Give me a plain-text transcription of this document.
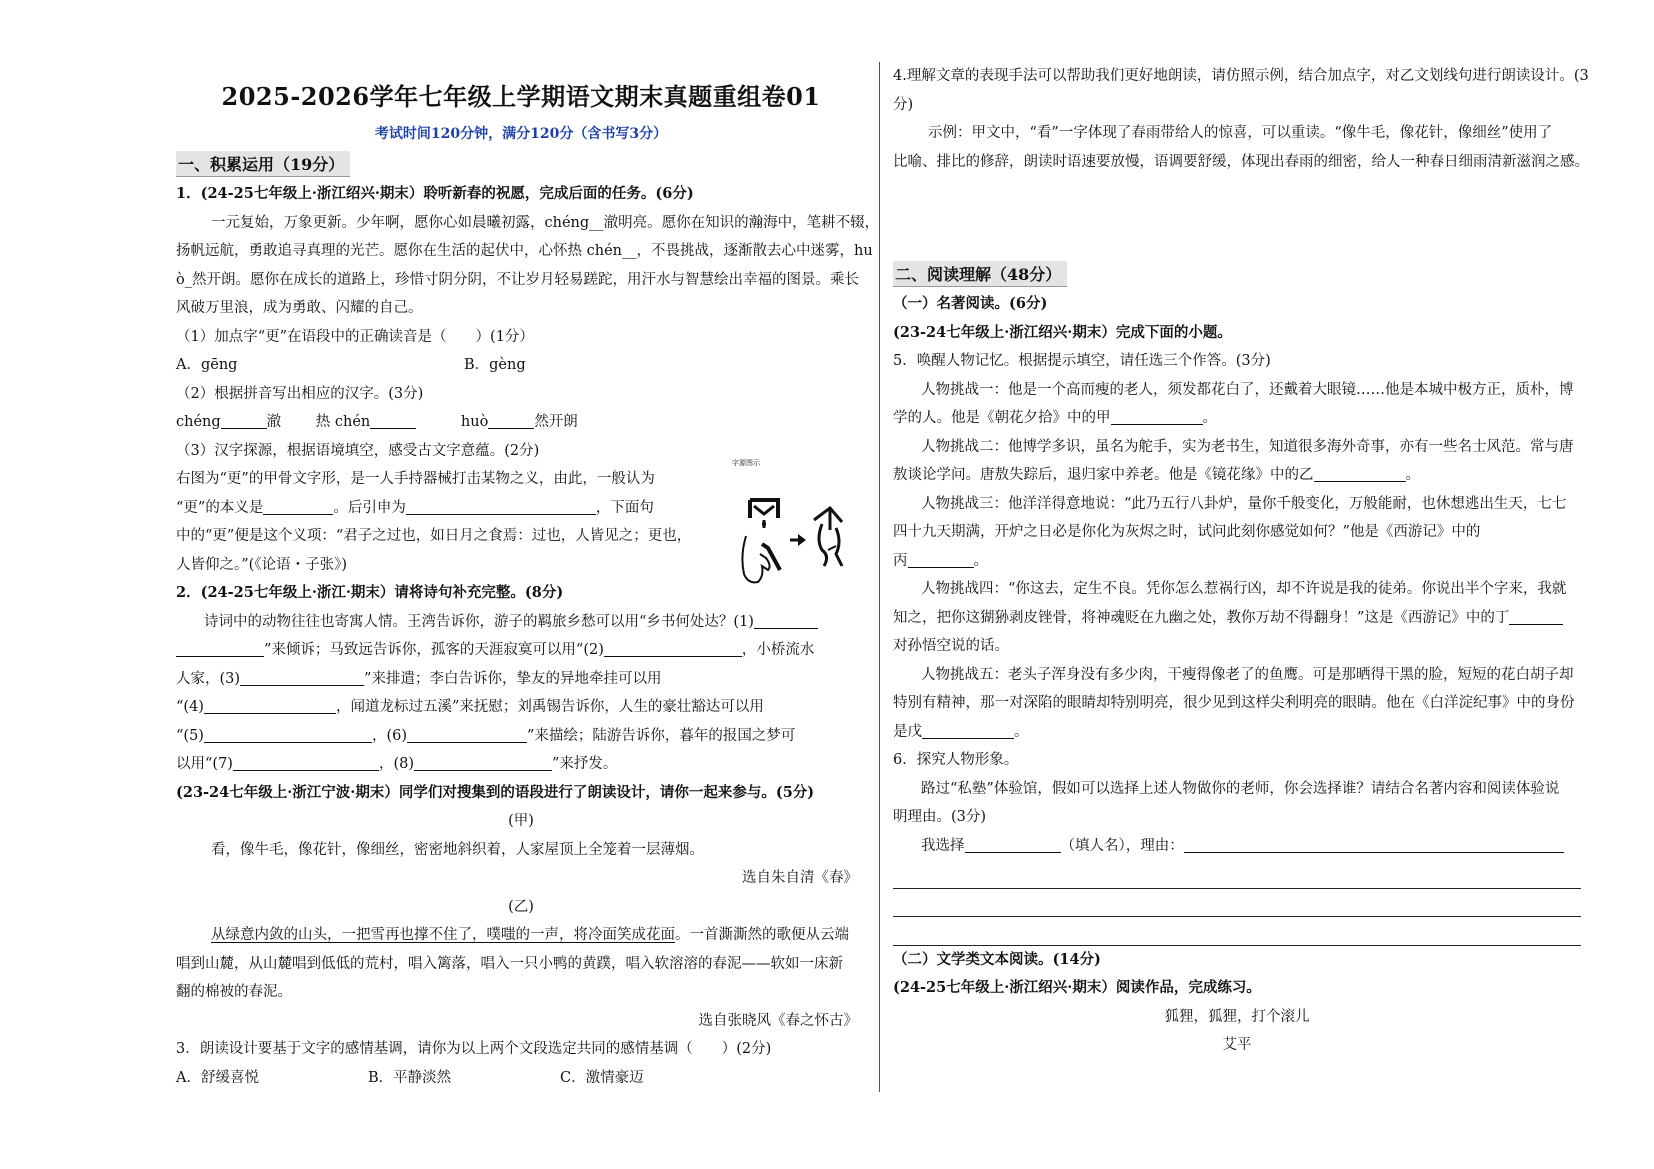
2025-2026学年七年级上学期语文期末真题重组卷01
考试时间120分钟，满分120分（含书写3分）
一、积累运用（19分）
1．(24-25七年级上·浙江绍兴·期末）聆听新春的祝愿，完成后面的任务。(6分)
一元复始，万象更新。少年啊，愿你心如晨曦初露，chéng__澈明亮。愿你在知识的瀚海中，笔耕不辍，
扬帆远航，勇敢追寻真理的光芒。愿你在生活的起伏中，心怀热 chén__，不畏挑战，逐渐散去心中迷雾，hu
ò_然开朗。愿你在成长的道路上，珍惜寸阴分阴，不让岁月轻易蹉跎，用汗水与智慧绘出幸福的图景。乘长
风破万里浪，成为勇敢、闪耀的自己。
（1）加点字“更”在语段中的正确读音是（　　）(1分）
A．gēng	B．gèng
（2）根据拼音写出相应的汉字。(3分)
chéng	澈 热 chén	huò	然开朗
（3）汉字探源，根据语境填空，感受古文字意蕴。(2分)
右图为“更”的甲骨文字形，是一人手持器械打击某物之义，由此，一般认为
“更”的本义是	。后引申为	，下面句
中的“更”便是这个义项：“君子之过也，如日月之食焉：过也，人皆见之；更也，
人皆仰之。”(《论语・子张》)
字源图示
2．(24-25七年级上·浙江·期末）请将诗句补充完整。(8分)
诗词中的动物往往也寄寓人情。王湾告诉你，游子的羁旅乡愁可以用“乡书何处达？(1)
”来倾诉；马致远告诉你，孤客的天涯寂寞可以用“(2)	，小桥流水
人家，(3)	”来排遣；李白告诉你，挚友的异地牵挂可以用
“(4)	，闻道龙标过五溪”来抚慰；刘禹锡告诉你，人生的豪壮豁达可以用
“(5)	，(6)	”来描绘；陆游告诉你，暮年的报国之梦可
以用“(7)	，(8)	”来抒发。
(23-24七年级上·浙江宁波·期末）同学们对搜集到的语段进行了朗读设计，请你一起来参与。(5分)
(甲)
看，像牛毛，像花针，像细丝，密密地斜织着，人家屋顶上全笼着一层薄烟。
选自朱自清《春》
(乙)
从绿意内敛的山头，一把雪再也撑不住了，噗嗤的一声，将冷面笑成花面。一首澌澌然的歌便从云端
唱到山麓，从山麓唱到低低的荒村，唱入篱落，唱入一只小鸭的黄蹼，唱入软溶溶的春泥——软如一床新
翻的棉被的春泥。
选自张晓风《春之怀古》
3．朗读设计要基于文字的感情基调，请你为以上两个文段选定共同的感情基调（　　）(2分)
A．舒缓喜悦	B．平静淡然	C．激情豪迈
4.理解文章的表现手法可以帮助我们更好地朗读，请仿照示例，结合加点字，对乙文划线句进行朗读设计。(3
分)
示例：甲文中，“看”一字体现了春雨带给人的惊喜，可以重读。“像牛毛，像花针，像细丝”使用了
比喻、排比的修辞，朗读时语速要放慢，语调要舒缓，体现出春雨的细密，给人一种春日细雨清新滋润之感。
二、阅读理解（48分）
（一）名著阅读。(6分)
(23-24七年级上·浙江绍兴·期末）完成下面的小题。
5．唤醒人物记忆。根据提示填空，请任选三个作答。(3分)
人物挑战一：他是一个高而瘦的老人，须发都花白了，还戴着大眼镜……他是本城中极方正，质朴，博
学的人。他是《朝花夕拾》中的甲	。
人物挑战二：他博学多识，虽名为舵手，实为老书生，知道很多海外奇事，亦有一些名士风范。常与唐
敖谈论学问。唐敖失踪后，退归家中养老。他是《镜花缘》中的乙	。
人物挑战三：他洋洋得意地说：“此乃五行八卦炉，量你千般变化，万般能耐，也休想逃出生天，七七
四十九天期满，开炉之日必是你化为灰烬之时，试问此刻你感觉如何？”他是《西游记》中的
丙	。
人物挑战四：“你这去，定生不良。凭你怎么惹祸行凶，却不许说是我的徒弟。你说出半个字来，我就
知之，把你这猢狲剥皮锉骨，将神魂贬在九幽之处，教你万劫不得翻身！”这是《西游记》中的丁
对孙悟空说的话。
人物挑战五：老头子浑身没有多少肉，干瘦得像老了的鱼鹰。可是那晒得干黑的脸，短短的花白胡子却
特别有精神，那一对深陷的眼睛却特别明亮，很少见到这样尖利明亮的眼睛。他在《白洋淀纪事》中的身份
是戊	。
6．探究人物形象。
路过“私塾”体验馆，假如可以选择上述人物做你的老师，你会选择谁？请结合名著内容和阅读体验说
明理由。(3分)
我选择	（填人名），理由：
（二）文学类文本阅读。(14分)
(24-25七年级上·浙江绍兴·期末）阅读作品，完成练习。
狐狸，狐狸，打个滚儿
艾平
